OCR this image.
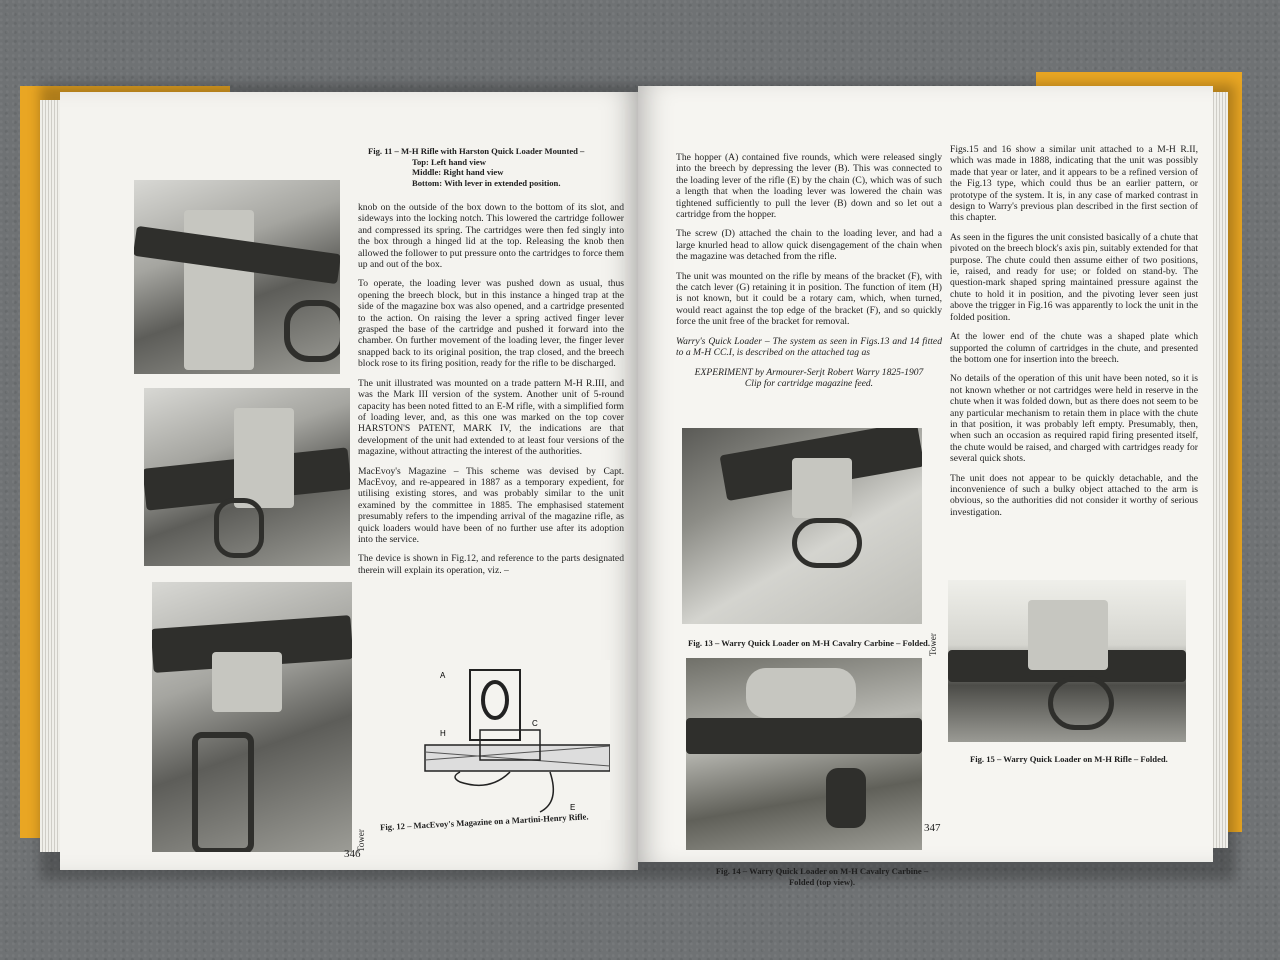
Fig. 11 – M-H Rifle with Harston Quick Loader Mounted –
Top: Left hand view
Middle: Right hand view
Bottom: With lever in extended position.

knob on the outside of the box down to the bottom of its slot, and sideways into the locking notch. This lowered the cartridge follower and compressed its spring. The cartridges were then fed singly into the box through a hinged lid at the top. Releasing the knob then allowed the follower to put pressure onto the cartridges to force them up and out of the box.

To operate, the loading lever was pushed down as usual, thus opening the breech block, but in this instance a hinged trap at the side of the magazine box was also opened, and a cartridge presented to the action. On raising the lever a spring actived finger lever grasped the base of the cartridge and pushed it forward into the chamber. On further movement of the loading lever, the finger lever snapped back to its original position, the trap closed, and the breech block rose to its firing position, ready for the rifle to be discharged.

The unit illustrated was mounted on a trade pattern M-H R.III, and was the Mark III version of the system. Another unit of 5-round capacity has been noted fitted to an E-M rifle, with a simplified form of loading lever, and, as this one was marked on the top cover HARSTON'S PATENT, MARK IV, the indications are that development of the unit had extended to at least four versions of the magazine, without attracting the interest of the authorities.

MacEvoy's Magazine – This scheme was devised by Capt. MacEvoy, and re-appeared in 1887 as a temporary expedient, for utilising existing stores, and was probably similar to the unit examined by the committee in 1885. The emphasised statement presumably refers to the impending arrival of the magazine rifle, as quick loaders would have been of no further use after its adoption into the service.

The device is shown in Fig.12, and reference to the parts designated therein will explain its operation, viz. –

A
C
H
E
Fig. 12 – MacEvoy's Magazine on a Martini-Henry Rifle.
Tower
346

The hopper (A) contained five rounds, which were released singly into the breech by depressing the lever (B). This was connected to the loading lever of the rifle (E) by the chain (C), which was of such a length that when the loading lever was lowered the chain was tightened sufficiently to pull the lever (B) down and so let out a cartridge from the hopper.

The screw (D) attached the chain to the loading lever, and had a large knurled head to allow quick disengagement of the chain when the magazine was detached from the rifle.

The unit was mounted on the rifle by means of the bracket (F), with the catch lever (G) retaining it in position. The function of item (H) is not known, but it could be a rotary cam, which, when turned, would react against the top edge of the bracket (F), and so quickly force the unit free of the bracket for removal.

Warry's Quick Loader – The system as seen in Figs.13 and 14 fitted to a M-H CC.I, is described on the attached tag as

EXPERIMENT by Armourer-Serjt Robert Warry 1825-1907
Clip for cartridge magazine feed.
Fig. 13 – Warry Quick Loader on M-H Cavalry Carbine – Folded.
Fig. 14 – Warry Quick Loader on M-H Cavalry Carbine –
Folded (top view).

Figs.15 and 16 show a similar unit attached to a M-H R.II, which was made in 1888, indicating that the unit was possibly made that year or later, and it appears to be a refined version of the Fig.13 type, which could thus be an earlier pattern, or prototype of the system. It is, in any case of marked contrast in design to Warry's previous plan described in the first section of this chapter.

As seen in the figures the unit consisted basically of a chute that pivoted on the breech block's axis pin, suitably extended for that purpose. The chute could then assume either of two positions, ie, raised, and ready for use; or folded on stand-by. The question-mark shaped spring maintained pressure against the chute to hold it in position, and the pivoting lever seen just above the trigger in Fig.16 was apparently to lock the unit in the folded position.

At the lower end of the chute was a shaped plate which supported the column of cartridges in the chute, and presented the bottom one for insertion into the breech.

No details of the operation of this unit have been noted, so it is not known whether or not cartridges were held in reserve in the chute when it was folded down, but as there does not seem to be any particular mechanism to retain them in place with the chute in that position, it was probably left empty. Presumably, then, when such an occasion as required rapid firing presented itself, the chute would be raised, and charged with cartridges ready for several quick shots.

The unit does not appear to be quickly detachable, and the inconvenience of such a bulky object attached to the arm is obvious, so the authorities did not consider it worthy of serious investigation.

Tower
Fig. 15 – Warry Quick Loader on M-H Rifle – Folded.
347
